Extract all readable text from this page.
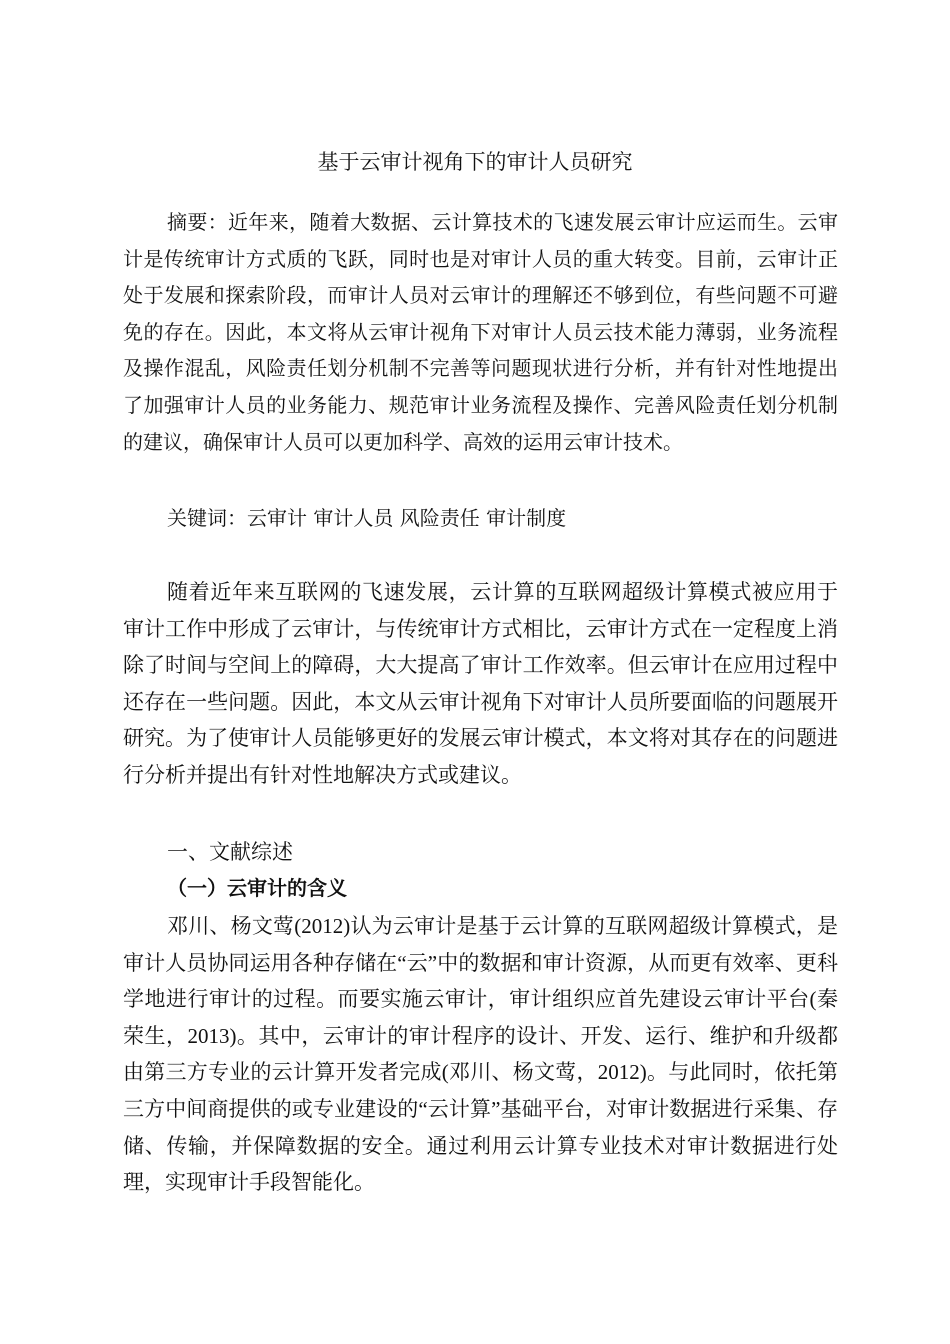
基于云审计视角下的审计人员研究

摘要：近年来，随着大数据、云计算技术的飞速发展云审计应运而生。云审计是传统审计方式质的飞跃，同时也是对审计人员的重大转变。目前，云审计正处于发展和探索阶段，而审计人员对云审计的理解还不够到位，有些问题不可避免的存在。因此，本文将从云审计视角下对审计人员云技术能力薄弱，业务流程及操作混乱，风险责任划分机制不完善等问题现状进行分析，并有针对性地提出了加强审计人员的业务能力、规范审计业务流程及操作、完善风险责任划分机制的建议，确保审计人员可以更加科学、高效的运用云审计技术。

关键词：云审计 审计人员 风险责任 审计制度

随着近年来互联网的飞速发展，云计算的互联网超级计算模式被应用于审计工作中形成了云审计，与传统审计方式相比，云审计方式在一定程度上消除了时间与空间上的障碍，大大提高了审计工作效率。但云审计在应用过程中还存在一些问题。因此，本文从云审计视角下对审计人员所要面临的问题展开研究。为了使审计人员能够更好的发展云审计模式，本文将对其存在的问题进行分析并提出有针对性地解决方式或建议。

一、文献综述

（一）云审计的含义

邓川、杨文莺(2012)认为云审计是基于云计算的互联网超级计算模式，是审计人员协同运用各种存储在“云”中的数据和审计资源，从而更有效率、更科学地进行审计的过程。而要实施云审计，审计组织应首先建设云审计平台(秦荣生，2013)。其中，云审计的审计程序的设计、开发、运行、维护和升级都由第三方专业的云计算开发者完成(邓川、杨文莺，2012)。与此同时，依托第三方中间商提供的或专业建设的“云计算”基础平台，对审计数据进行采集、存储、传输，并保障数据的安全。通过利用云计算专业技术对审计数据进行处理，实现审计手段智能化。
